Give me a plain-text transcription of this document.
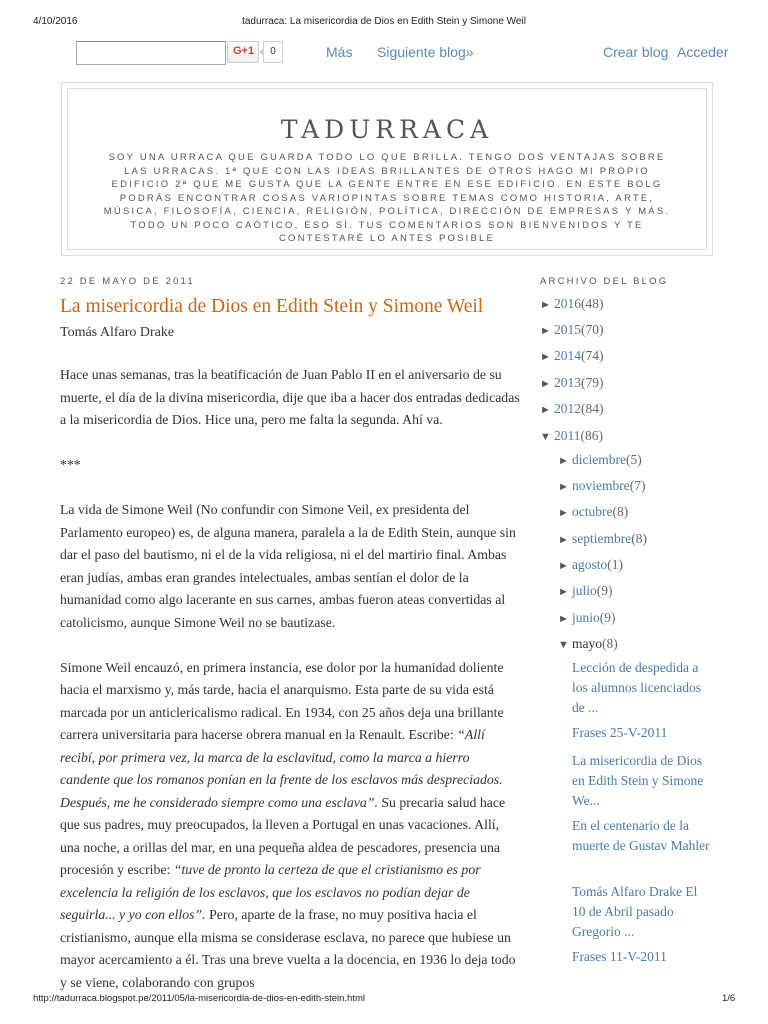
4/10/2016	tadurraca: La misericordia de Dios en Edith Stein y Simone Weil
G+1	0	Más Siguiente blog»	Crear blog Acceder
TADURRACA
SOY UNA URRACA QUE GUARDA TODO LO QUE BRILLA. TENGO DOS VENTAJAS SOBRE LAS URRACAS. 1ª QUE CON LAS IDEAS BRILLANTES DE OTROS HAGO MI PROPIO EDIFICIO 2ª QUE ME GUSTA QUE LA GENTE ENTRE EN ESE EDIFICIO. EN ESTE BOLG PODRÁS ENCONTRAR COSAS VARIOPINTAS SOBRE TEMAS COMO HISTORIA, ARTE, MÚSICA, FILOSOFÍA, CIENCIA, RELIGIÓN, POLÍTICA, DIRECCIÓN DE EMPRESAS Y MÁS. TODO UN POCO CAÓTICO, ESO SÍ. TUS COMENTARIOS SON BIENVENIDOS Y TE CONTESTARÉ LO ANTES POSIBLE
22 DE MAYO DE 2011
La misericordia de Dios en Edith Stein y Simone Weil
Tomás Alfaro Drake

Hace unas semanas, tras la beatificación de Juan Pablo II en el aniversario de su muerte, el día de la divina misericordia, dije que iba a hacer dos entradas dedicadas a la misericordia de Dios. Hice una, pero me falta la segunda. Ahí va.

***

La vida de Simone Weil (No confundir con Simone Veil, ex presidenta del Parlamento europeo) es, de alguna manera, paralela a la de Edith Stein, aunque sin dar el paso del bautismo, ni el de la vida religiosa, ni el del martirio final. Ambas eran judías, ambas eran grandes intelectuales, ambas sentían el dolor de la humanidad como algo lacerante en sus carnes, ambas fueron ateas convertidas al catolicismo, aunque Simone Weil no se bautizase.

Simone Weil encauzó, en primera instancia, ese dolor por la humanidad doliente hacia el marxismo y, más tarde, hacia el anarquismo. Esta parte de su vida está marcada por un anticlericalismo radical. En 1934, con 25 años deja una brillante carrera universitaria para hacerse obrera manual en la Renault. Escribe: “Allí recibí, por primera vez, la marca de la esclavitud, como la marca a hierro candente que los romanos ponían en la frente de los esclavos más despreciados. Después, me he considerado siempre como una esclava”. Su precaria salud hace que sus padres, muy preocupados, la lleven a Portugal en unas vacaciones. Allí, una noche, a orillas del mar, en una pequeña aldea de pescadores, presencia una procesión y escribe: “tuve de pronto la certeza de que el cristianismo es por excelencia la religión de los esclavos, que los esclavos no podían dejar de seguirla... y yo con ellos”. Pero, aparte de la frase, no muy positiva hacia el cristianismo, aunque ella misma se considerase esclava, no parece que hubiese un mayor acercamiento a él. Tras una breve vuelta a la docencia, en 1936 lo deja todo y se viene, colaborando con grupos

ARCHIVO DEL BLOG
► 2016(48)
► 2015(70)
► 2014(74)
► 2013(79)
► 2012(84)
▼ 2011(86)
► diciembre(5)
► noviembre(7)
► octubre(8)
► septiembre(8)
► agosto(1)
► julio(9)
► junio(9)
▼ mayo(8)
Lección de despedida a los alumnos licenciados de ...
Frases 25-V-2011
La misericordia de Dios en Edith Stein y Simone We...
En el centenario de la muerte de Gustav Mahler
Tomás Alfaro Drake El 10 de Abril pasado Gregorio ...
Frases 11-V-2011
http://tadurraca.blogspot.pe/2011/05/la-misericordia-de-dios-en-edith-stein.html	1/6
